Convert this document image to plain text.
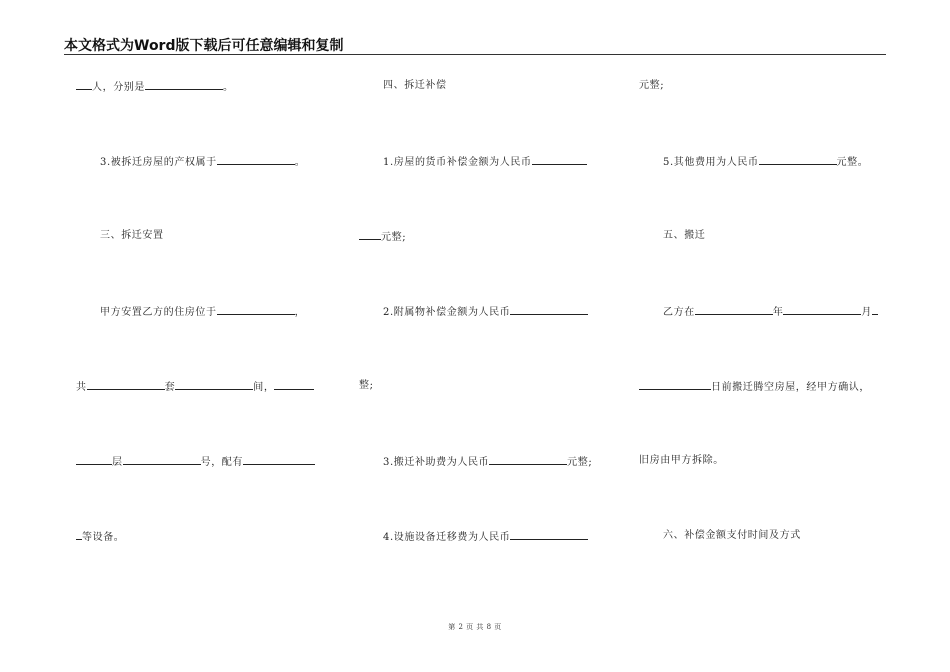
本文格式为Word版下载后可任意编辑和复制
人，分别是	。
3.被拆迁房屋的产权属于	。
三、拆迁安置
甲方安置乙方的住房位于	，
共	套	间，
层	号，配有
等设备。
四、拆迁补偿
1.房屋的货币补偿金额为人民币
元整;
2.附属物补偿金额为人民币
整;
3.搬迁补助费为人民币	元整;
4.设施设备迁移费为人民币
元整;
5.其他费用为人民币	元整。
五、搬迁
乙方在	年	月
日前搬迁腾空房屋，经甲方确认，
旧房由甲方拆除。
六、补偿金额支付时间及方式
第 2 页 共 8 页
